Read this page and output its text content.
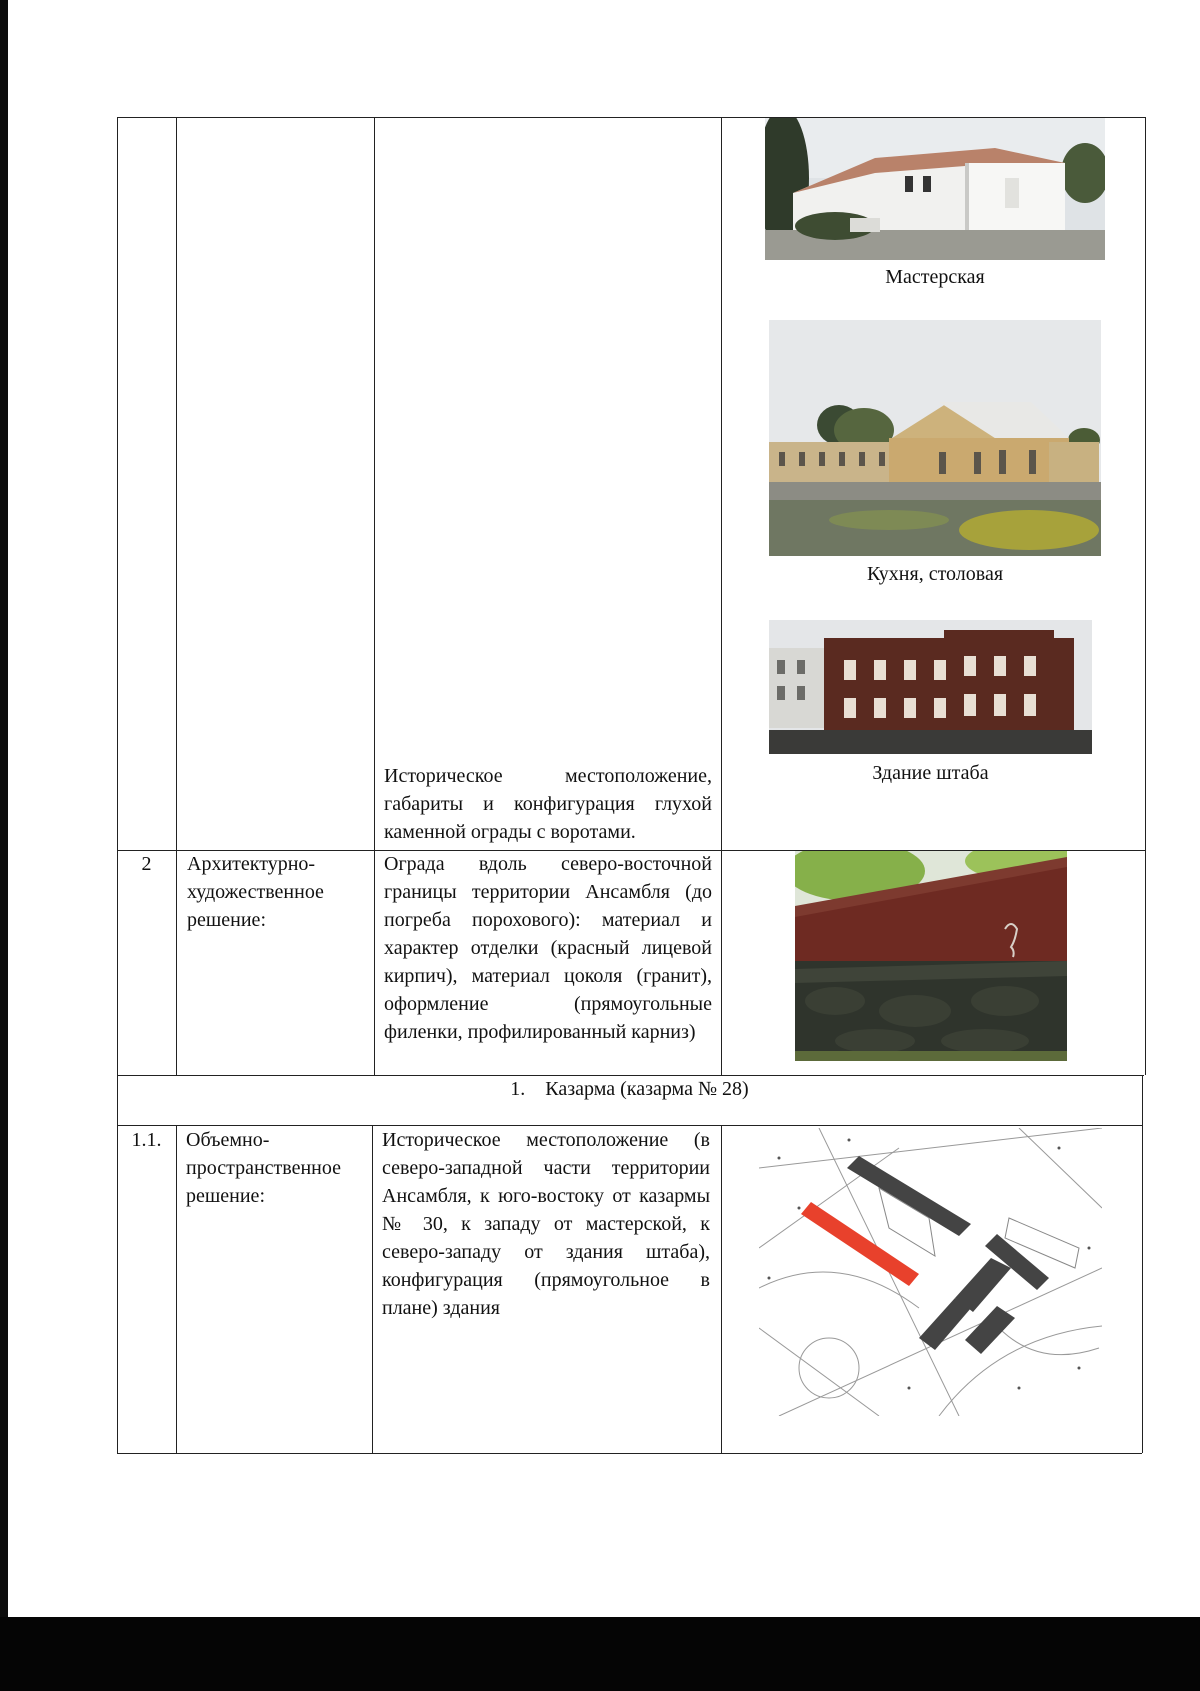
Историческое местоположение, габариты и конфигурация глухой каменной ограды с воротами.
Мастерская
Кухня, столовая
Здание штаба
2	Архитектурно-
художественное
решение:
Ограда вдоль северо-восточной границы территории Ансамбля (до погреба порохового): материал и характер отделки (красный лицевой кирпич), материал цоколя (гранит), оформление (прямоугольные филенки, профилированный карниз)
1. Казарма (казарма № 28)
1.1.	Объемно-
пространственное
решение:
Историческое местоположение (в северо-западной части территории Ансамбля, к юго-востоку от казармы № 30, к западу от мастерской, к северо-западу от здания штаба), конфигурация (прямоугольное в плане) здания
